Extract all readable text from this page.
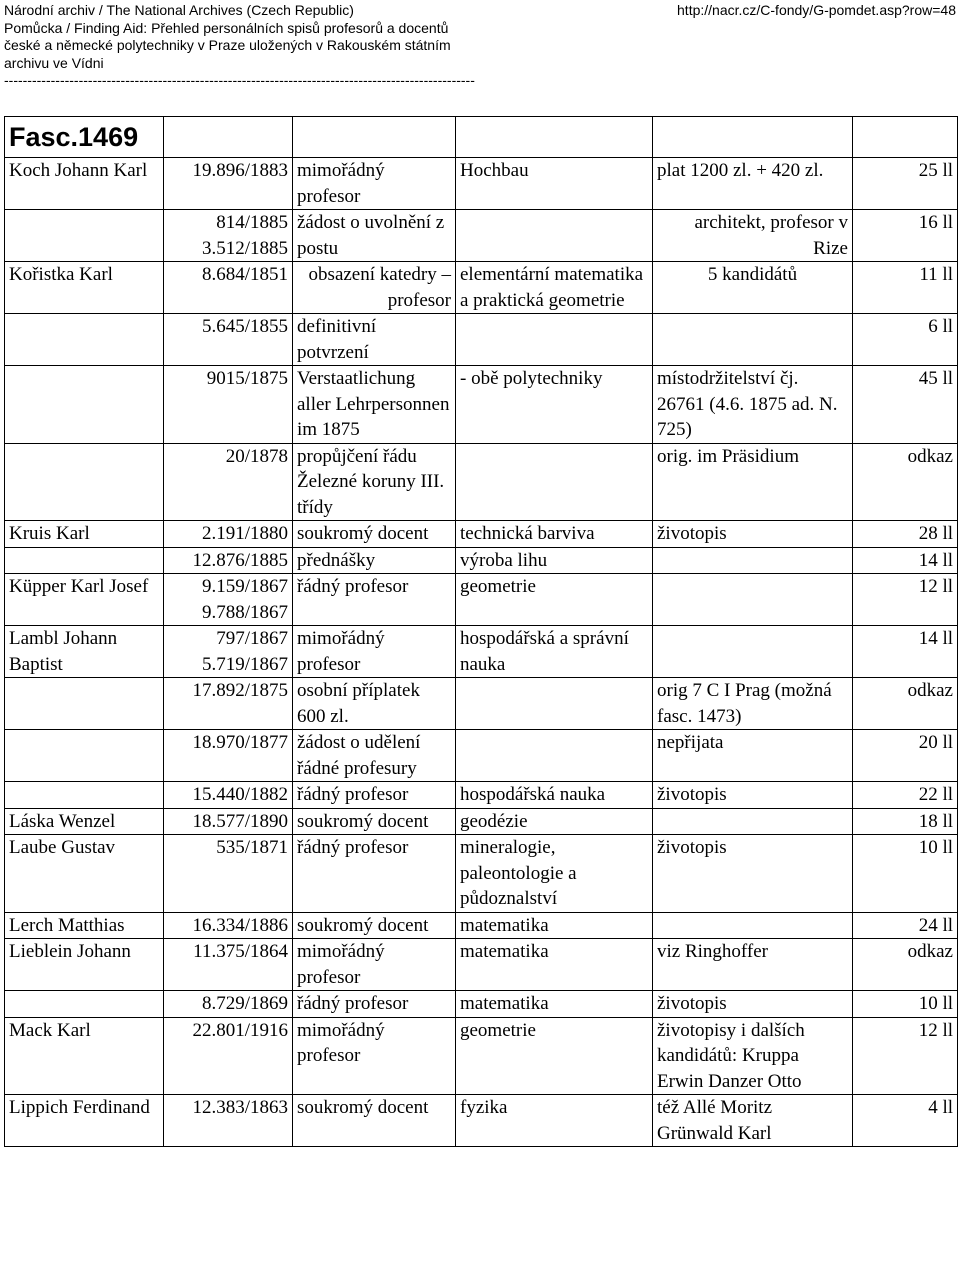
Národní archiv / The National Archives (Czech Republic)	http://nacr.cz/C-fondy/G-pomdet.asp?row=48
Pomůcka / Finding Aid: Přehled personálních spisů profesorů a docentů
české a německé polytechniky v Praze uložených v Rakouském státním
archivu ve Vídni
-----------------------------------------------------------------------------------------------------
Fasc.1469					
Koch Johann Karl	19.896/1883	mimořádný profesor	Hochbau	plat 1200 zl. + 420 zl.	25 ll
	814/1885 3.512/1885	žádost o uvolnění z postu		architekt, profesor v Rize	16 ll
Kořistka Karl	8.684/1851	obsazení katedry – profesor	elementární matematika a praktická geometrie	5 kandidátů	11 ll
	5.645/1855	definitivní potvrzení			6 ll
	9015/1875	Verstaatlichung aller Lehrpersonnen im 1875	- obě polytechniky	místodržitelství čj. 26761 (4.6. 1875 ad. N. 725)	45 ll
	20/1878	propůjčení řádu Železné koruny III. třídy		orig. im Präsidium	odkaz
Kruis Karl	2.191/1880	soukromý docent	technická barviva	životopis	28 ll
	12.876/1885	přednášky	výroba lihu		14 ll
Küpper Karl Josef	9.159/1867 9.788/1867	řádný profesor	geometrie		12 ll
Lambl Johann Baptist	797/1867 5.719/1867	mimořádný profesor	hospodářská a správní nauka		14 ll
	17.892/1875	osobní příplatek 600 zl.		orig 7 C I Prag (možná fasc. 1473)	odkaz
	18.970/1877	žádost o udělení řádné profesury		nepřijata	20 ll
	15.440/1882	řádný profesor	hospodářská nauka	životopis	22 ll
Láska Wenzel	18.577/1890	soukromý docent	geodézie		18 ll
Laube Gustav	535/1871	řádný profesor	mineralogie, paleontologie a půdoznalství	životopis	10 ll
Lerch Matthias	16.334/1886	soukromý docent	matematika		24 ll
Lieblein Johann	11.375/1864	mimořádný profesor	matematika	viz Ringhoffer	odkaz
	8.729/1869	řádný profesor	matematika	životopis	10 ll
Mack Karl	22.801/1916	mimořádný profesor	geometrie	životopisy i dalších kandidátů: Kruppa Erwin Danzer Otto	12 ll
Lippich Ferdinand	12.383/1863	soukromý docent	fyzika	též Allé Moritz Grünwald Karl	4 ll
